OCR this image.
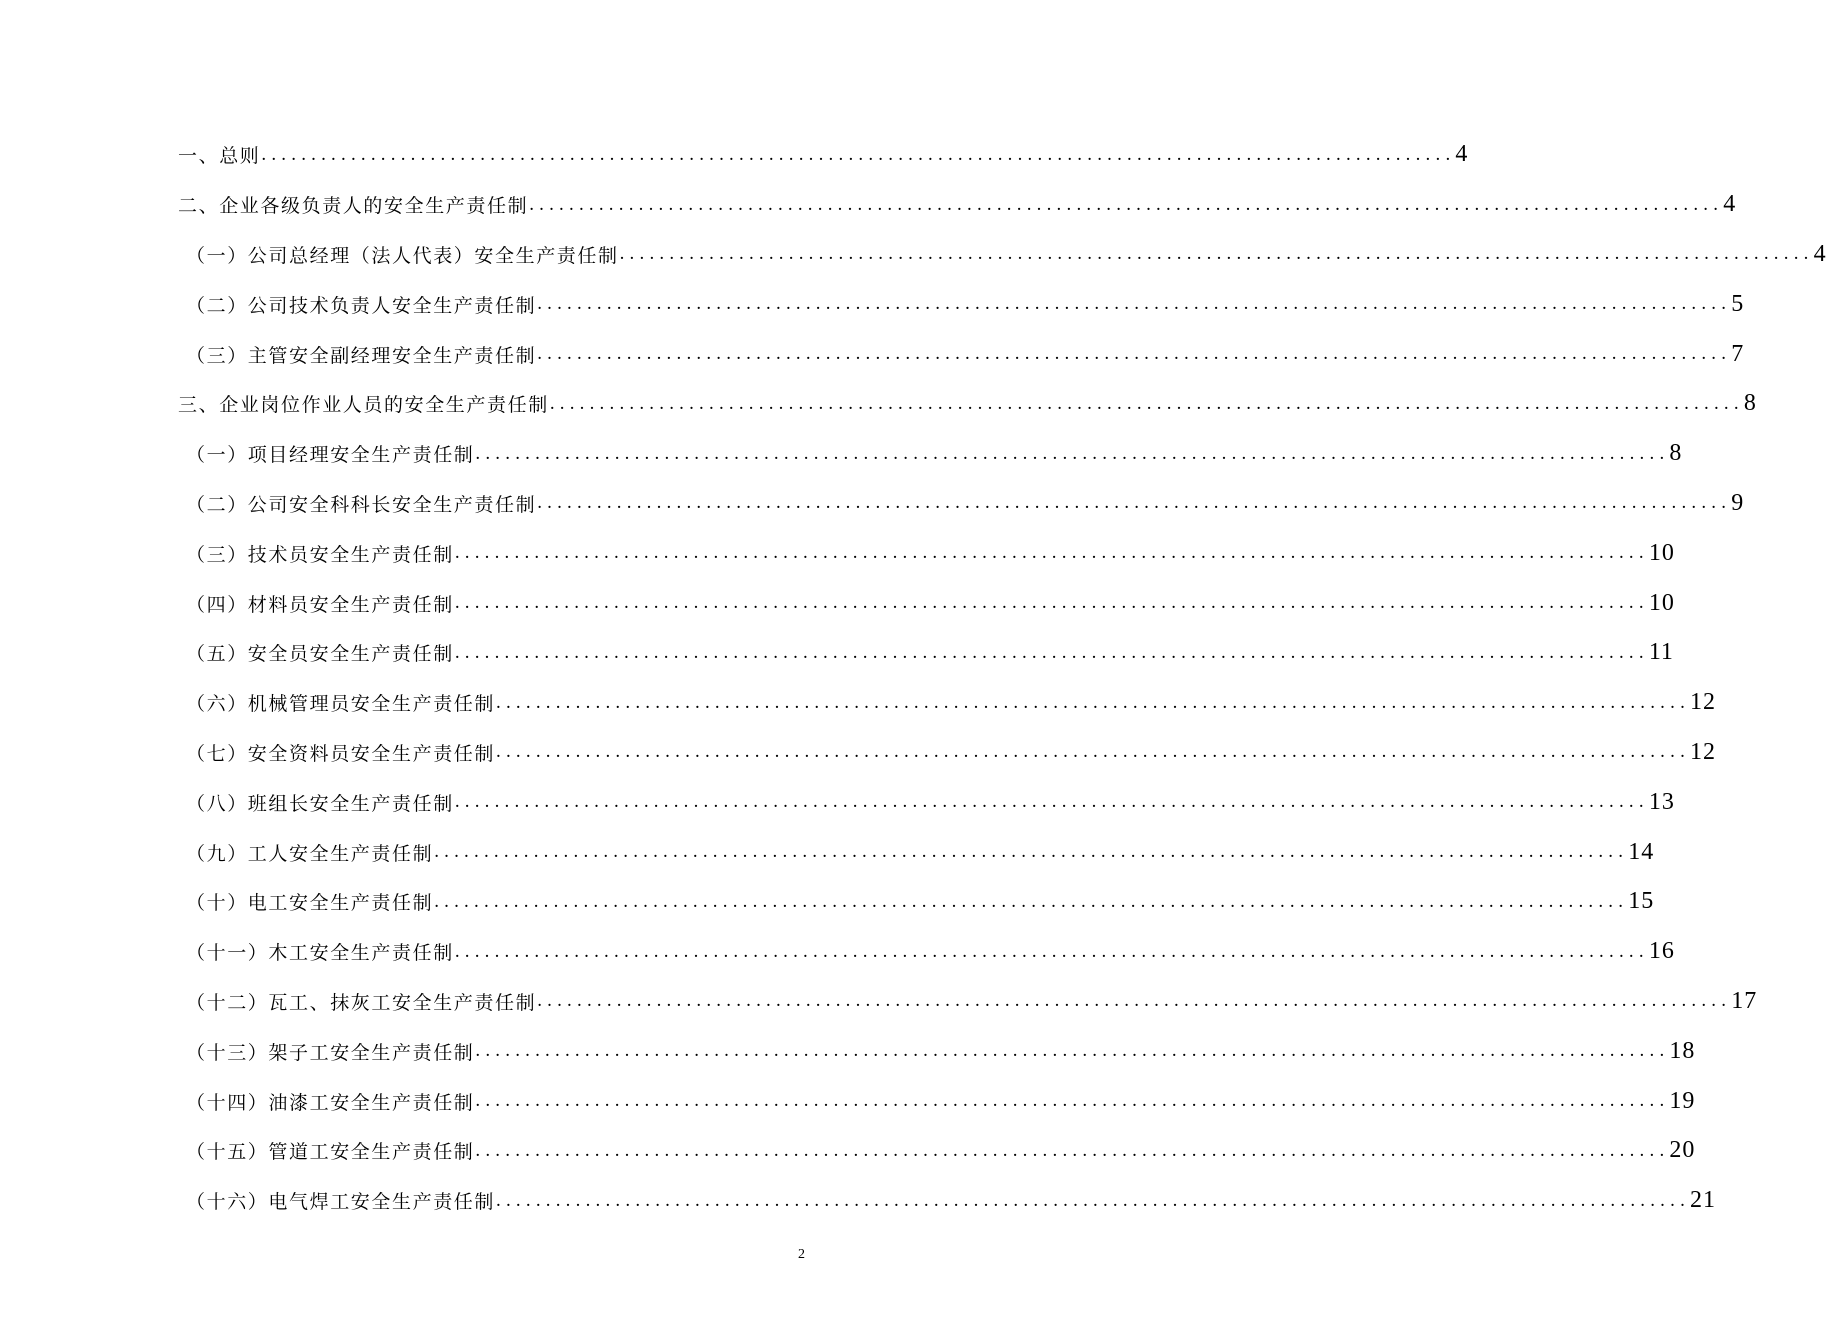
一、总则 ........................................................................................................................ 4
二、企业各级负责人的安全生产责任制 ........................................................................................................................ 4
（一）公司总经理（法人代表）安全生产责任制 ........................................................................................................................ 4
（二）公司技术负责人安全生产责任制 ........................................................................................................................ 5
（三）主管安全副经理安全生产责任制 ........................................................................................................................ 7
三、企业岗位作业人员的安全生产责任制 ........................................................................................................................ 8
（一）项目经理安全生产责任制 ........................................................................................................................ 8
（二）公司安全科科长安全生产责任制 ........................................................................................................................ 9
（三）技术员安全生产责任制 ........................................................................................................................ 10
（四）材料员安全生产责任制 ........................................................................................................................ 10
（五）安全员安全生产责任制 ........................................................................................................................ 11
（六）机械管理员安全生产责任制 ........................................................................................................................ 12
（七）安全资料员安全生产责任制 ........................................................................................................................ 12
（八）班组长安全生产责任制 ........................................................................................................................ 13
（九）工人安全生产责任制 ........................................................................................................................ 14
（十）电工安全生产责任制 ........................................................................................................................ 15
（十一）木工安全生产责任制 ........................................................................................................................ 16
（十二）瓦工、抹灰工安全生产责任制 ........................................................................................................................ 17
（十三）架子工安全生产责任制 ........................................................................................................................ 18
（十四）油漆工安全生产责任制 ........................................................................................................................ 19
（十五）管道工安全生产责任制 ........................................................................................................................ 20
（十六）电气焊工安全生产责任制 ........................................................................................................................ 21
2
